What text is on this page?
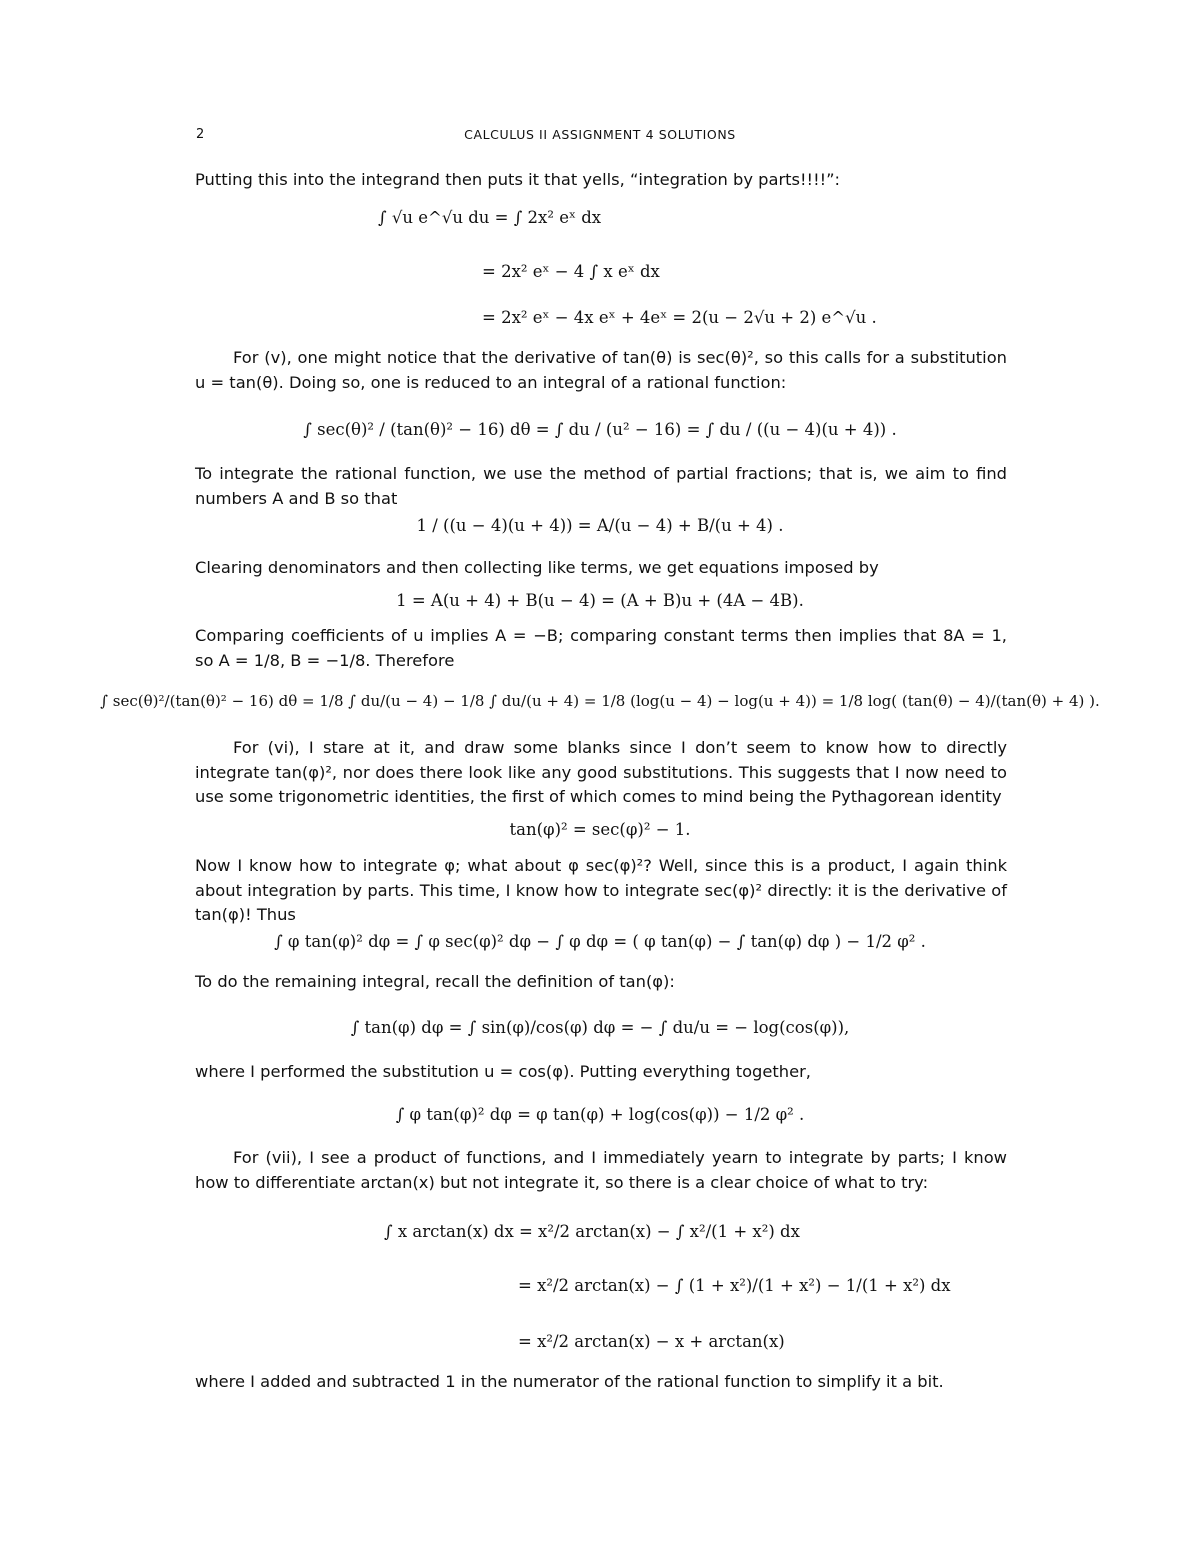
2	CALCULUS II ASSIGNMENT 4 SOLUTIONS
Putting this into the integrand then puts it that yells, “integration by parts!!!!”:
∫ √u e^√u du = ∫ 2x² eˣ dx
= 2x² eˣ − 4 ∫ x eˣ dx
= 2x² eˣ − 4x eˣ + 4eˣ = 2(u − 2√u + 2) e^√u .
For (v), one might notice that the derivative of tan(θ) is sec(θ)², so this calls for a substitution u = tan(θ). Doing so, one is reduced to an integral of a rational function:
∫ sec(θ)² / (tan(θ)² − 16) dθ = ∫ du / (u² − 16) = ∫ du / ((u − 4)(u + 4)) .
To integrate the rational function, we use the method of partial fractions; that is, we aim to find numbers A and B so that
1 / ((u − 4)(u + 4)) = A/(u − 4) + B/(u + 4) .
Clearing denominators and then collecting like terms, we get equations imposed by
1 = A(u + 4) + B(u − 4) = (A + B)u + (4A − 4B).
Comparing coefficients of u implies A = −B; comparing constant terms then implies that 8A = 1, so A = 1/8, B = −1/8. Therefore
∫ sec(θ)²/(tan(θ)² − 16) dθ = 1/8 ∫ du/(u − 4) − 1/8 ∫ du/(u + 4) = 1/8 (log(u − 4) − log(u + 4)) = 1/8 log( (tan(θ) − 4)/(tan(θ) + 4) ).
For (vi), I stare at it, and draw some blanks since I don’t seem to know how to directly integrate tan(φ)², nor does there look like any good substitutions. This suggests that I now need to use some trigonometric identities, the first of which comes to mind being the Pythagorean identity
tan(φ)² = sec(φ)² − 1.
Now I know how to integrate φ; what about φ sec(φ)²? Well, since this is a product, I again think about integration by parts. This time, I know how to integrate sec(φ)² directly: it is the derivative of tan(φ)! Thus
∫ φ tan(φ)² dφ = ∫ φ sec(φ)² dφ − ∫ φ dφ = ( φ tan(φ) − ∫ tan(φ) dφ ) − 1/2 φ² .
To do the remaining integral, recall the definition of tan(φ):
∫ tan(φ) dφ = ∫ sin(φ)/cos(φ) dφ = − ∫ du/u = − log(cos(φ)),
where I performed the substitution u = cos(φ). Putting everything together,
∫ φ tan(φ)² dφ = φ tan(φ) + log(cos(φ)) − 1/2 φ² .
For (vii), I see a product of functions, and I immediately yearn to integrate by parts; I know how to differentiate arctan(x) but not integrate it, so there is a clear choice of what to try:
∫ x arctan(x) dx = x²/2 arctan(x) − ∫ x²/(1 + x²) dx
= x²/2 arctan(x) − ∫ (1 + x²)/(1 + x²) − 1/(1 + x²) dx
= x²/2 arctan(x) − x + arctan(x)
where I added and subtracted 1 in the numerator of the rational function to simplify it a bit.
